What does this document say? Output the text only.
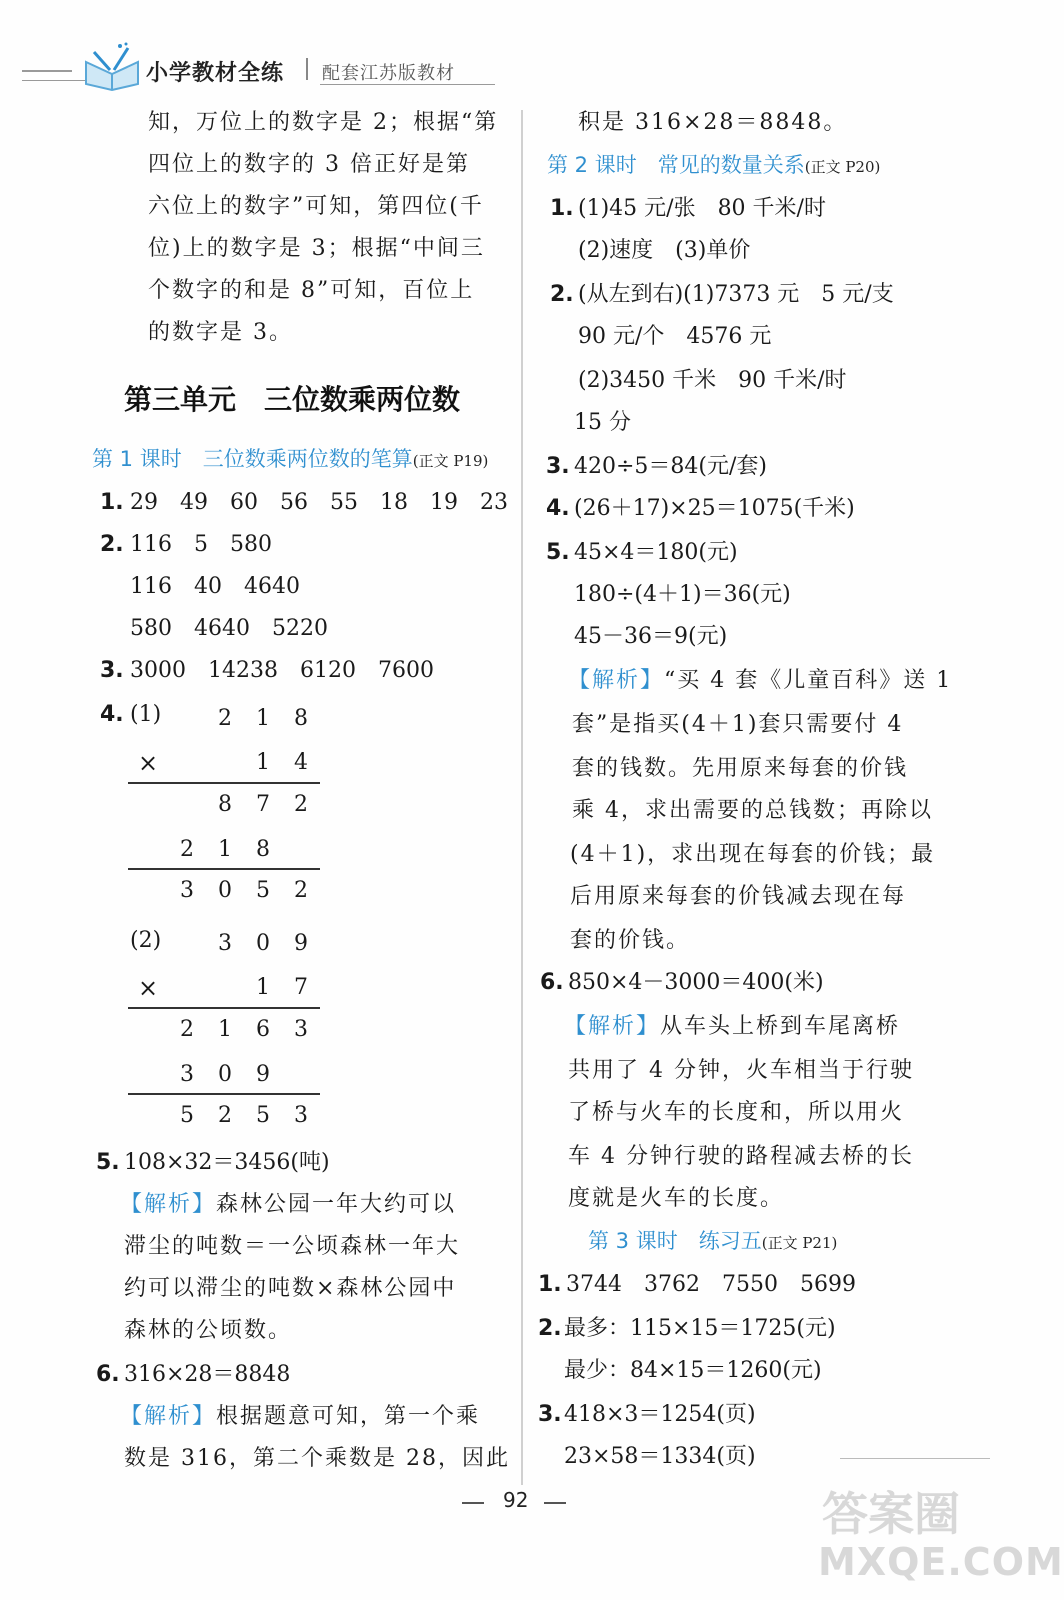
小学教材全练 配套江苏版教材
知，万位上的数字是 2；根据“第
四位上的数字的 3 倍正好是第
六位上的数字”可知，第四位(千
位)上的数字是 3；根据“中间三
个数字的和是 8”可知，百位上
的数字是 3。
第三单元　三位数乘两位数
第 1 课时　三位数乘两位数的笔算(正文 P19)
1. 29　49　60　56　55　18　19　23
2. 116　5　580
116　40　4640
580　4640　5220
3. 3000　14238　6120　7600
4. (1)	2 1 8
×	1 4
8 7 2
2 1 8
3 0 5 2
(2)	3 0 9
×	1 7
2 1 6 3
3 0 9
5 2 5 3
5. 108×32＝3456(吨)
【解析】森林公园一年大约可以
滞尘的吨数＝一公顷森林一年大
约可以滞尘的吨数×森林公园中
森林的公顷数。
6. 316×28＝8848
【解析】根据题意可知，第一个乘
数是 316，第二个乘数是 28，因此
积是 316×28＝8848。
第 2 课时　常见的数量关系(正文 P20)
1. (1)45 元/张　80 千米/时
(2)速度　(3)单价
2. (从左到右)(1)7373 元　5 元/支
90 元/个　4576 元
(2)3450 千米　90 千米/时
15 分
3. 420÷5＝84(元/套)
4. (26＋17)×25＝1075(千米)
5. 45×4＝180(元)
180÷(4＋1)＝36(元)
45－36＝9(元)
【解析】“买 4 套《儿童百科》送 1
套”是指买(4＋1)套只需要付 4
套的钱数。先用原来每套的价钱
乘 4，求出需要的总钱数；再除以
(4＋1)，求出现在每套的价钱；最
后用原来每套的价钱减去现在每
套的价钱。
6. 850×4－3000＝400(米)
【解析】从车头上桥到车尾离桥
共用了 4 分钟，火车相当于行驶
了桥与火车的长度和，所以用火
车 4 分钟行驶的路程减去桥的长
度就是火车的长度。
第 3 课时　练习五(正文 P21)
1. 3744　3762　7550　5699
2. 最多：115×15＝1725(元)
最少：84×15＝1260(元)
3. 418×3＝1254(页)
23×58＝1334(页)
92	答案圈
MXQE.COM
